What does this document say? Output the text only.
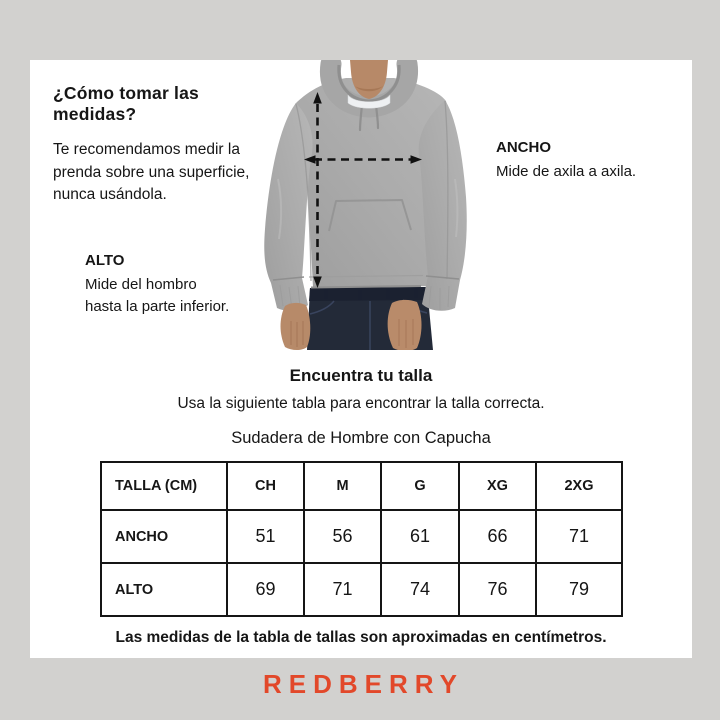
¿Cómo tomar las medidas?

Te recomendamos medir la
prenda sobre una superficie,
nunca usándola.

ANCHO

Mide de axila a axila.

ALTO

Mide del hombro
hasta la parte inferior.

Encuentra tu talla

Usa la siguiente tabla para encontrar la talla correcta.
Sudadera de Hombre con Capucha
TALLA (CM)	CH	M	G	XG	2XG
ANCHO	51	56	61	66	71
ALTO	69	71	74	76	79
Las medidas de la tabla de tallas son aproximadas en centímetros.
REDBERRY
